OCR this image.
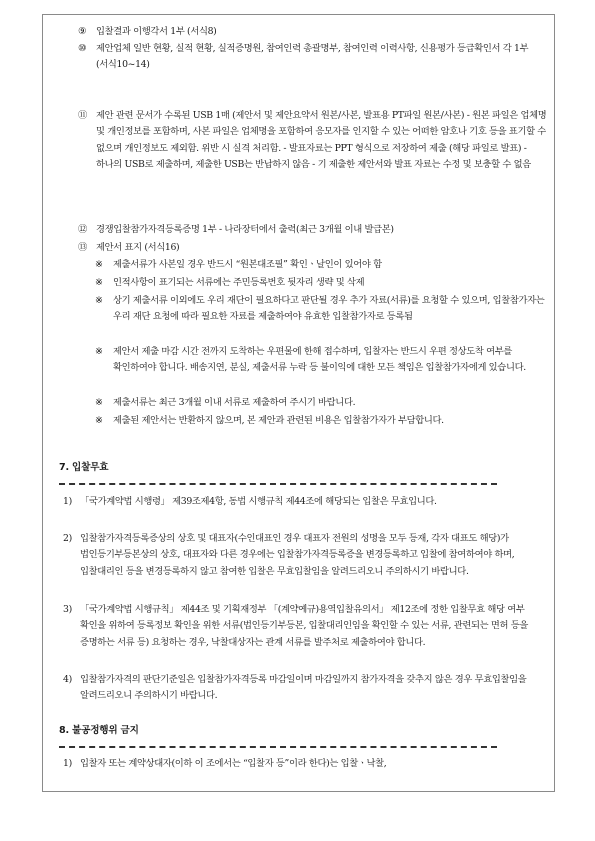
⑨ 입찰결과 이행각서 1부 (서식8)
⑩ 제안업체 일반 현황, 실적 현황, 실적증명원, 참여인력 총괄명부, 참여인력 이력사항, 신용평가 등급확인서 각 1부 (서식10~14)
⑪ 제안 관련 문서가 수록된 USB 1매 (제안서 및 제안요약서 원본/사본, 발표용 PT파일 원본/사본) - 원본 파일은 업체명 및 개인정보를 포함하며, 사본 파일은 업체명을 포함하여 응모자를 인지할 수 있는 어떠한 암호나 기호 등을 표기할 수 없으며 개인정보도 제외함. 위반 시 실격 처리함. - 발표자료는 PPT 형식으로 저장하여 제출 (해당 파일로 발표) - 하나의 USB로 제출하며, 제출한 USB는 반납하지 않음 - 기 제출한 제안서와 발표 자료는 수정 및 보충할 수 없음
⑫ 경쟁입찰참가자격등록증명 1부 - 나라장터에서 출력(최근 3개월 이내 발급본)
⑬ 제안서 표지 (서식16)
※ 제출서류가 사본일 경우 반드시 “원본대조필” 확인ㆍ날인이 있어야 함
※ 인적사항이 표기되는 서류에는 주민등록번호 뒷자리 생략 및 삭제
※ 상기 제출서류 이외에도 우리 재단이 필요하다고 판단될 경우 추가 자료(서류)를 요청할 수 있으며, 입찰참가자는 우리 재단 요청에 따라 필요한 자료를 제출하여야 유효한 입찰참가자로 등록됨
※ 제안서 제출 마감 시간 전까지 도착하는 우편물에 한해 접수하며, 입찰자는 반드시 우편 정상도착 여부를 확인하여야 합니다. 배송지연, 분실, 제출서류 누락 등 불이익에 대한 모든 책임은 입찰참가자에게 있습니다.
※ 제출서류는 최근 3개월 이내 서류로 제출하여 주시기 바랍니다.
※ 제출된 제안서는 반환하지 않으며, 본 제안과 관련된 비용은 입찰참가자가 부담합니다.
7. 입찰무효
1) 「국가계약법 시행령」 제39조제4항, 동법 시행규칙 제44조에 해당되는 입찰은 무효입니다.
2) 입찰참가자격등록증상의 상호 및 대표자(수인대표인 경우 대표자 전원의 성명을 모두 등재, 각자 대표도 해당)가 법인등기부등본상의 상호, 대표자와 다른 경우에는 입찰참가자격등록증을 변경등록하고 입찰에 참여하여야 하며, 입찰대리인 등을 변경등록하지 않고 참여한 입찰은 무효입찰임을 알려드리오니 주의하시기 바랍니다.
3) 「국가계약법 시행규칙」 제44조 및 기획재정부 「(계약예규)용역입찰유의서」 제12조에 정한 입찰무효 해당 여부 확인을 위하여 등록정보 확인을 위한 서류(법인등기부등본, 입찰대리인임을 확인할 수 있는 서류, 관련되는 면허 등을 증명하는 서류 등) 요청하는 경우, 낙찰대상자는 관계 서류를 발주처로 제출하여야 합니다.
4) 입찰참가자격의 판단기준일은 입찰참가자격등록 마감일이며 마감일까지 참가자격을 갖추지 않은 경우 무효입찰임을 알려드리오니 주의하시기 바랍니다.
8. 불공정행위 금지
1) 입찰자 또는 계약상대자(이하 이 조에서는 “입찰자 등”이라 한다)는 입찰ㆍ낙찰,
